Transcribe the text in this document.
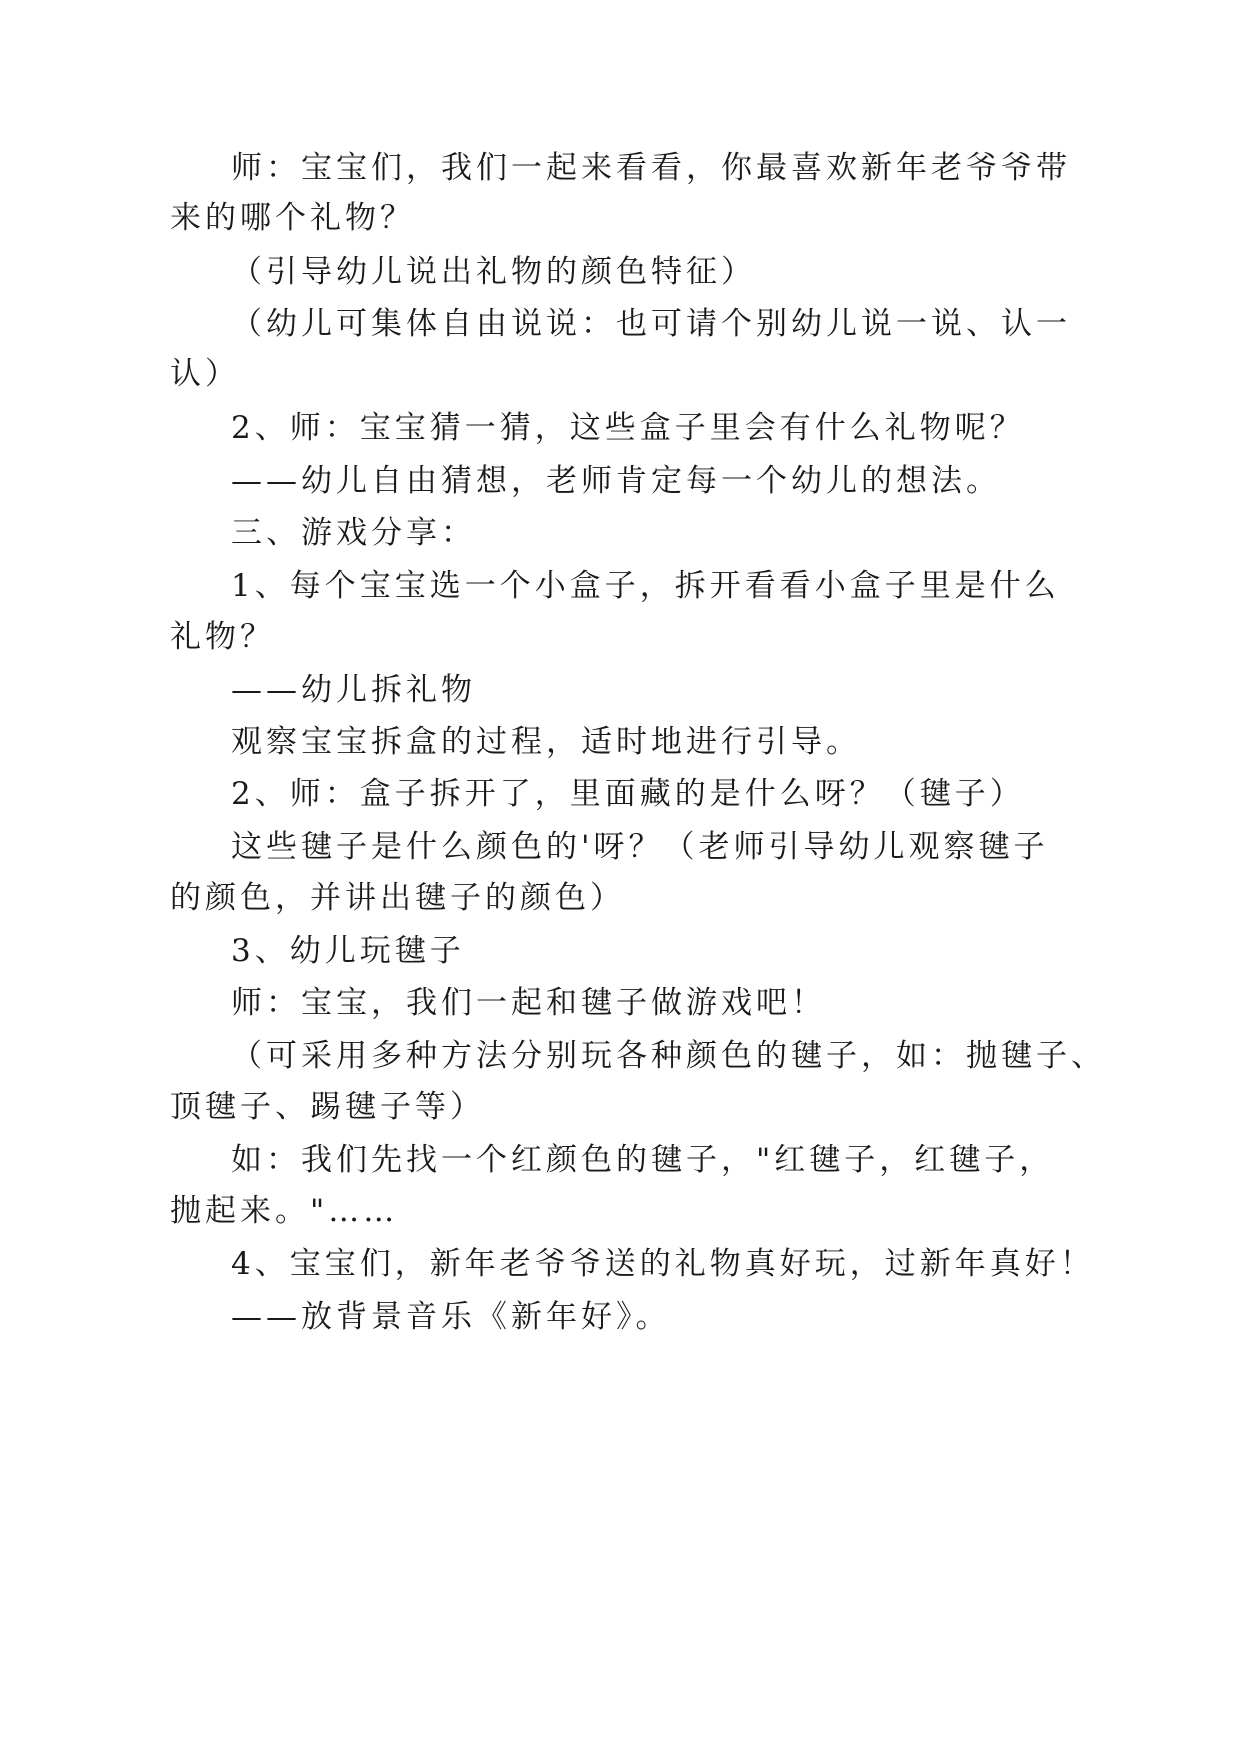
师：宝宝们，我们一起来看看，你最喜欢新年老爷爷带
来的哪个礼物？
（引导幼儿说出礼物的颜色特征）
（幼儿可集体自由说说：也可请个别幼儿说一说、认一
认）
2、师：宝宝猜一猜，这些盒子里会有什么礼物呢？
——幼儿自由猜想，老师肯定每一个幼儿的想法。
三、游戏分享：
1、每个宝宝选一个小盒子，拆开看看小盒子里是什么
礼物？
——幼儿拆礼物
观察宝宝拆盒的过程，适时地进行引导。
2、师：盒子拆开了，里面藏的是什么呀？（毽子）
这些毽子是什么颜色的'呀？（老师引导幼儿观察毽子
的颜色，并讲出毽子的颜色）
3、幼儿玩毽子
师：宝宝，我们一起和毽子做游戏吧！
（可采用多种方法分别玩各种颜色的毽子，如：抛毽子、
顶毽子、踢毽子等）
如：我们先找一个红颜色的毽子，"红毽子，红毽子，
抛起来。"……
4、宝宝们，新年老爷爷送的礼物真好玩，过新年真好！
——放背景音乐《新年好》。
